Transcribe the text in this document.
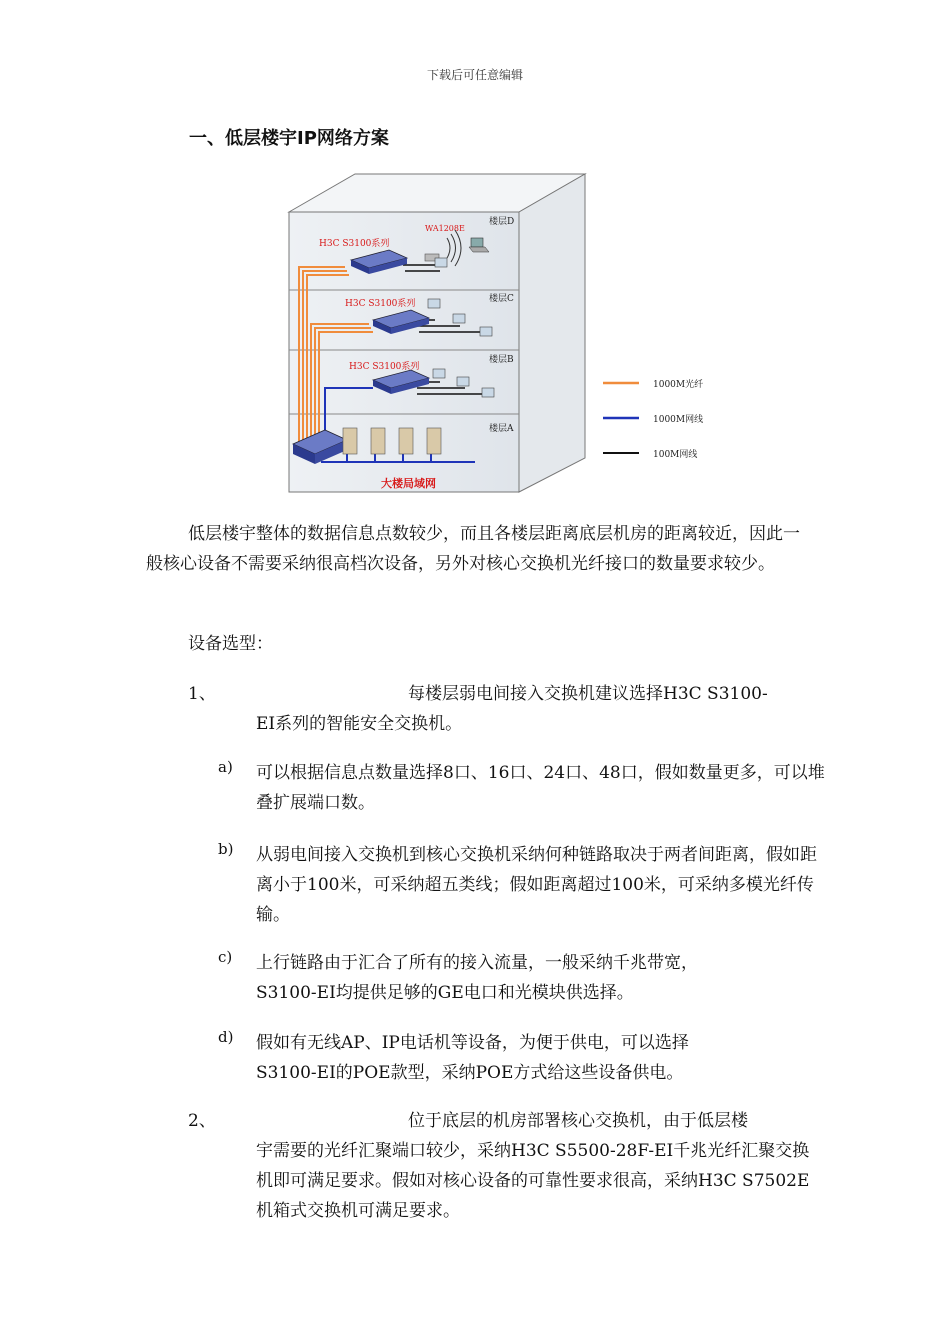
下载后可任意编辑
一、低层楼宇IP网络方案
楼层D
楼层C
楼层B
楼层A
H3C S3100系列
WA1208E
H3C S3100系列
H3C S3100系列
大楼局域网
1000M光纤
1000M网线
100M网线
低层楼宇整体的数据信息点数较少，而且各楼层距离底层机房的距离较近，因此一般核心设备不需要采纳很高档次设备，另外对核心交换机光纤接口的数量要求较少。
设备选型：
1、	每楼层弱电间接入交换机建议选择H3C S3100-
EI系列的智能安全交换机。
a) 可以根据信息点数量选择8口、16口、24口、48口，假如数量更多，可以堆叠扩展端口数。
b) 从弱电间接入交换机到核心交换机采纳何种链路取决于两者间距离，假如距离小于100米，可采纳超五类线；假如距离超过100米，可采纳多模光纤传输。
c) 上行链路由于汇合了所有的接入流量，一般采纳千兆带宽，
S3100-EI均提供足够的GE电口和光模块供选择。
d) 假如有无线AP、IP电话机等设备，为便于供电，可以选择
S3100-EI的POE款型，采纳POE方式给这些设备供电。
2、	位于底层的机房部署核心交换机，由于低层楼
宇需要的光纤汇聚端口较少，采纳H3C S5500-28F-EI千兆光纤汇聚交换机即可满足要求。假如对核心设备的可靠性要求很高，采纳H3C S7502E机箱式交换机可满足要求。
